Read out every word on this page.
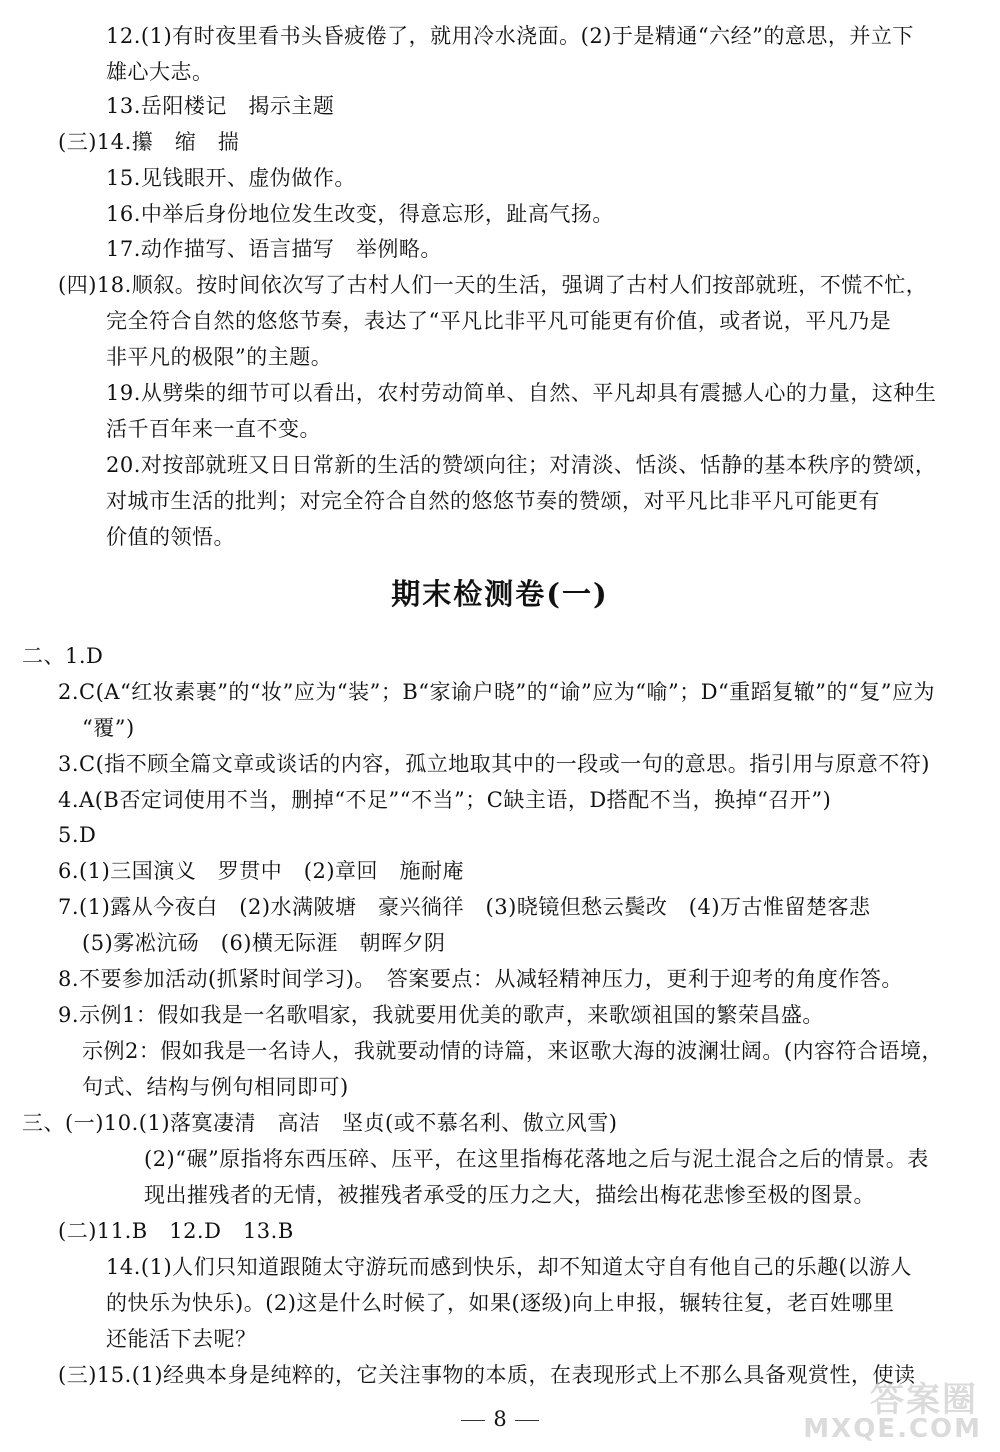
12.(1)有时夜里看书头昏疲倦了，就用冷水浇面。(2)于是精通“六经”的意思，并立下
雄心大志。
13.岳阳楼记　揭示主题
(三)14.攥　缩　揣
15.见钱眼开、虚伪做作。
16.中举后身份地位发生改变，得意忘形，趾高气扬。
17.动作描写、语言描写　举例略。
(四)18.顺叙。按时间依次写了古村人们一天的生活，强调了古村人们按部就班，不慌不忙，
完全符合自然的悠悠节奏，表达了“平凡比非平凡可能更有价值，或者说，平凡乃是
非平凡的极限”的主题。
19.从劈柴的细节可以看出，农村劳动简单、自然、平凡却具有震撼人心的力量，这种生
活千百年来一直不变。
20.对按部就班又日日常新的生活的赞颂向往；对清淡、恬淡、恬静的基本秩序的赞颂，
对城市生活的批判；对完全符合自然的悠悠节奏的赞颂，对平凡比非平凡可能更有
价值的领悟。
期末检测卷(一)
二、1.D
2.C(A“红妆素裹”的“妆”应为“装”；B“家谕户晓”的“谕”应为“喻”；D“重蹈复辙”的“复”应为
“覆”)
3.C(指不顾全篇文章或谈话的内容，孤立地取其中的一段或一句的意思。指引用与原意不符)
4.A(B否定词使用不当，删掉“不足”“不当”；C缺主语，D搭配不当，换掉“召开”)
5.D
6.(1)三国演义　罗贯中　(2)章回　施耐庵
7.(1)露从今夜白　(2)水满陂塘　豪兴徜徉　(3)晓镜但愁云鬓改　(4)万古惟留楚客悲
(5)雾凇沆砀　(6)横无际涯　朝晖夕阴
8.不要参加活动(抓紧时间学习)。　答案要点：从减轻精神压力，更利于迎考的角度作答。
9.示例1：假如我是一名歌唱家，我就要用优美的歌声，来歌颂祖国的繁荣昌盛。
示例2：假如我是一名诗人，我就要动情的诗篇，来讴歌大海的波澜壮阔。(内容符合语境，
句式、结构与例句相同即可)
三、(一)10.(1)落寞凄清　高洁　坚贞(或不慕名利、傲立风雪)
(2)“碾”原指将东西压碎、压平，在这里指梅花落地之后与泥土混合之后的情景。表
现出摧残者的无情，被摧残者承受的压力之大，描绘出梅花悲惨至极的图景。
(二)11.B　12.D　13.B
14.(1)人们只知道跟随太守游玩而感到快乐，却不知道太守自有他自己的乐趣(以游人
的快乐为快乐)。(2)这是什么时候了，如果(逐级)向上申报，辗转往复，老百姓哪里
还能活下去呢？
(三)15.(1)经典本身是纯粹的，它关注事物的本质，在表现形式上不那么具备观赏性，使读
8	答案圈
MXQE.COM
